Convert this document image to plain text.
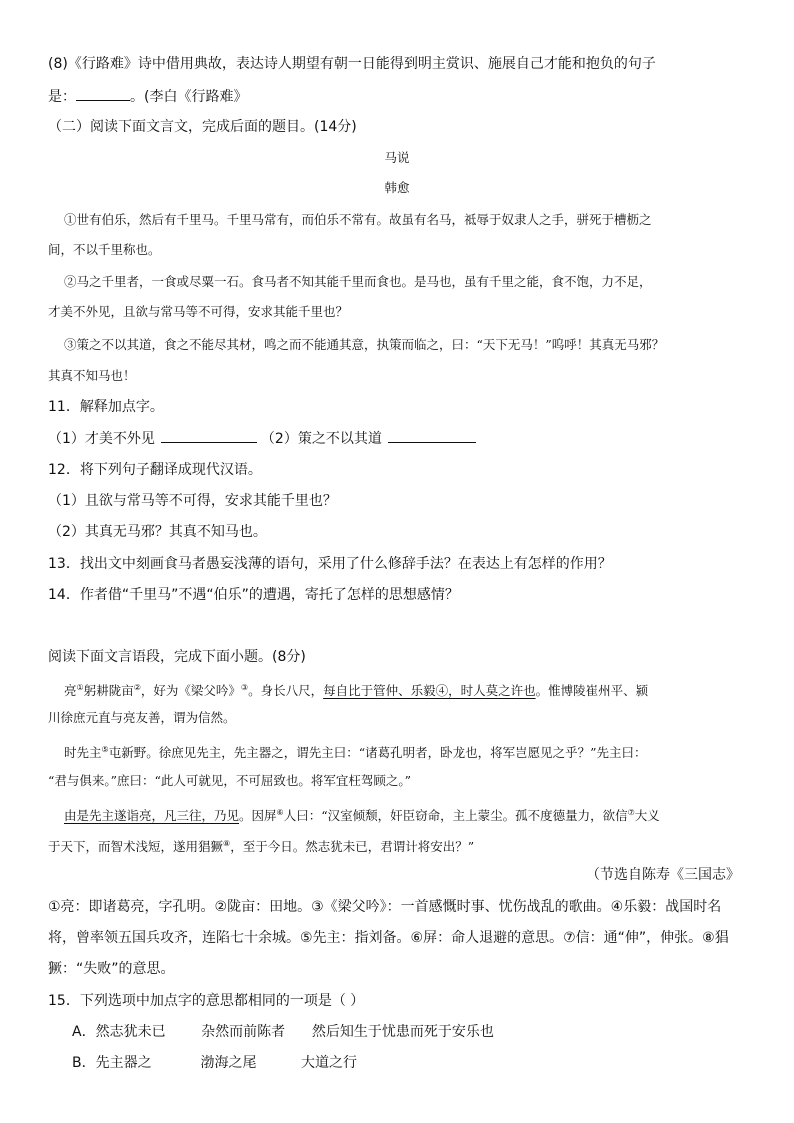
(8)《行路难》诗中借用典故，表达诗人期望有朝一日能得到明主赏识、施展自己才能和抱负的句子
是：	。(李白《行路难》
（二）阅读下面文言文，完成后面的题目。(14分)
马说
韩愈
①世有伯乐，然后有千里马。千里马常有，而伯乐不常有。故虽有名马，祗辱于奴隶人之手，骈死于槽枥之
间，不以千里称也。
②马之千里者，一食或尽粟一石。食马者不知其能千里而食也。是马也，虽有千里之能，食不饱，力不足，
才美不外见，且欲与常马等不可得，安求其能千里也？
③策之不以其道，食之不能尽其材，鸣之而不能通其意，执策而临之，曰：“天下无马！”呜呼！其真无马邪？
其真不知马也！
11．解释加点字。
（1）才美不外见	（2）策之不以其道
12．将下列句子翻译成现代汉语。
（1）且欲与常马等不可得，安求其能千里也？
（2）其真无马邪？其真不知马也。
13．找出文中刻画食马者愚妄浅薄的语句，采用了什么修辞手法？在表达上有怎样的作用？
14．作者借“千里马”不遇“伯乐”的遭遇，寄托了怎样的思想感情？
阅读下面文言语段，完成下面小题。(8分)
亮①躬耕陇亩②，好为《梁父吟》③。身长八尺，每自比于管仲、乐毅④，时人莫之许也。惟博陵崔州平、颍
川徐庶元直与亮友善，谓为信然。
时先主⑤屯新野。徐庶见先主，先主器之，谓先主曰：“诸葛孔明者，卧龙也，将军岂愿见之乎？”先主曰：
“君与俱来。”庶曰：“此人可就见，不可屈致也。将军宜枉驾顾之。”
由是先主遂诣亮，凡三往，乃见。因屏⑥人曰：“汉室倾颓，奸臣窃命，主上蒙尘。孤不度德量力，欲信⑦大义
于天下，而智术浅短，遂用猖獗⑧，至于今日。然志犹未已，君谓计将安出？”
（节选自陈寿《三国志》
①亮：即诸葛亮，字孔明。②陇亩：田地。③《梁父吟》：一首感慨时事、忧伤战乱的歌曲。④乐毅：战国时名
将，曾率领五国兵攻齐，连陷七十余城。⑤先主：指刘备。⑥屏：命人退避的意思。⑦信：通“伸”，伸张。⑧猖
獗：“失败”的意思。
15．下列选项中加点字的意思都相同的一项是（ ）
A．然志犹未已        杂然而前陈者      然后知生于忧患而死于安乐也
B．先主器之           渤海之尾          大道之行
